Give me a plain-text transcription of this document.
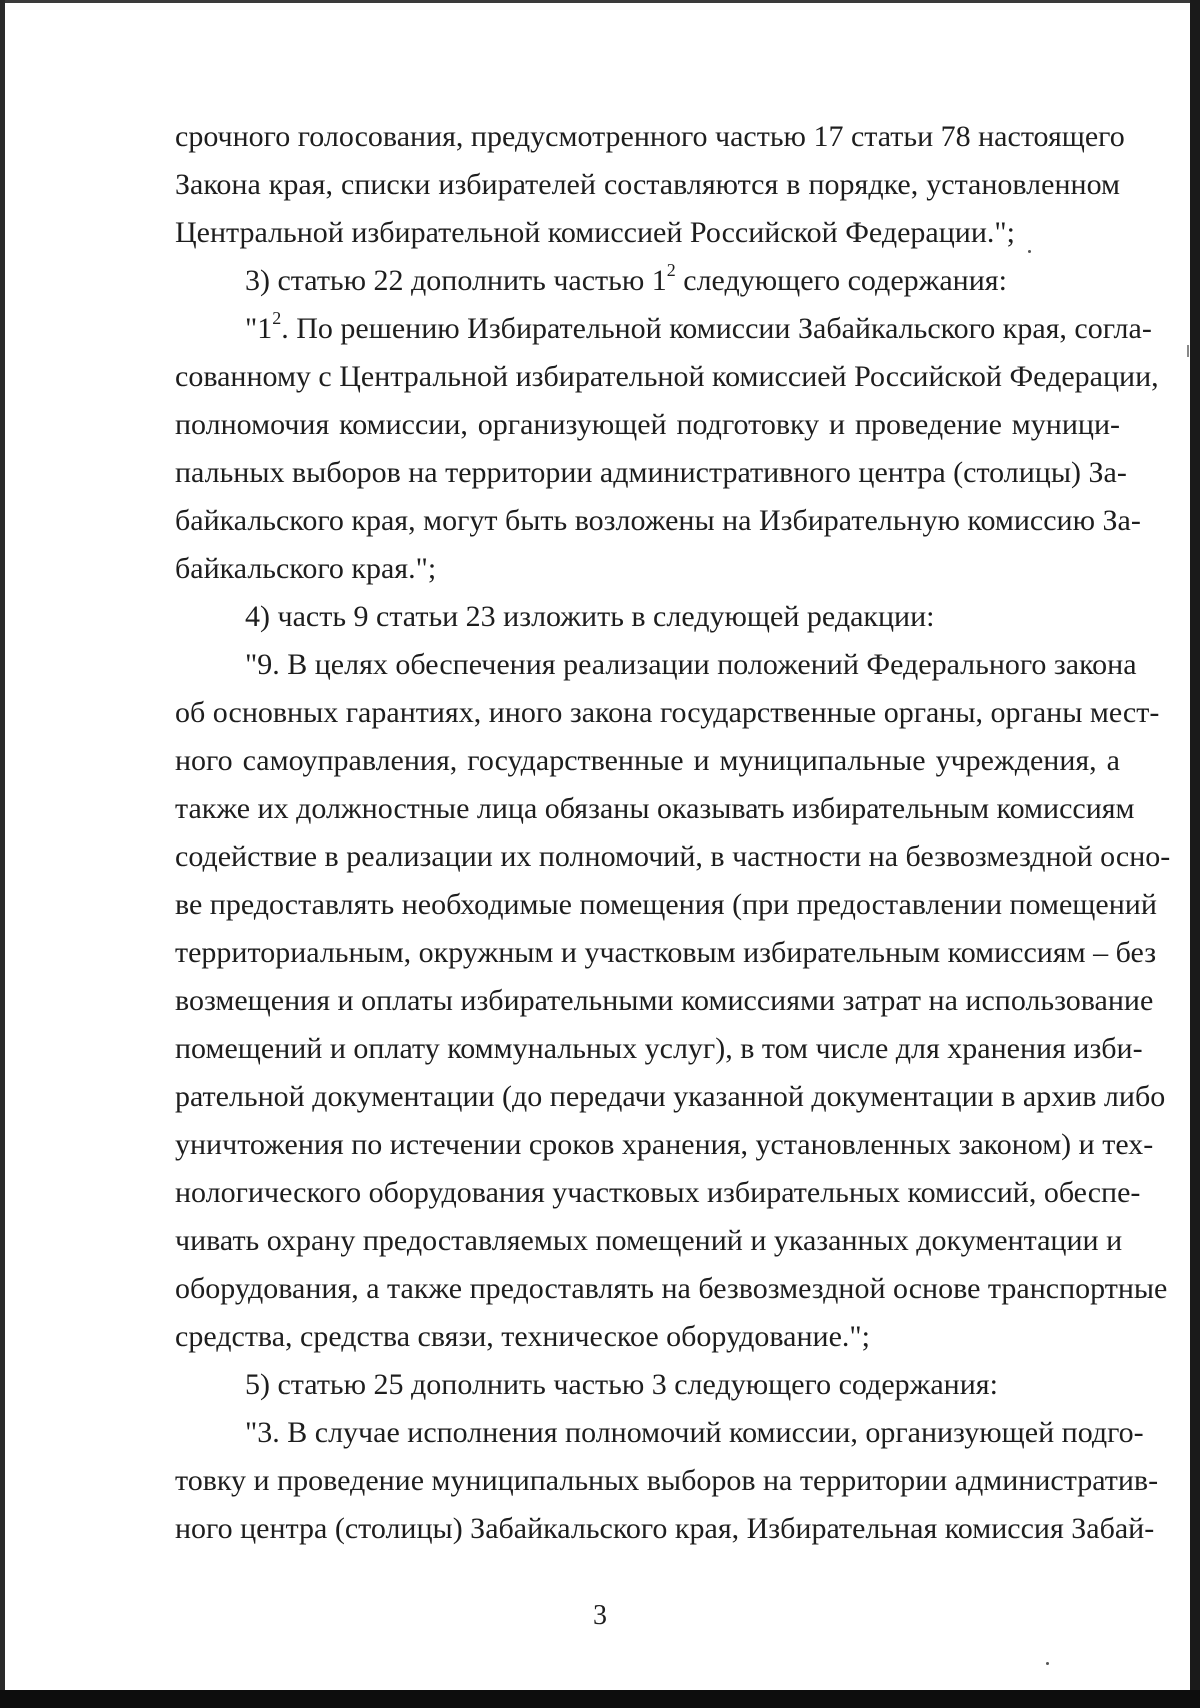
срочного голосования, предусмотренного частью 17 статьи 78 настоящего
Закона края, списки избирателей составляются в порядке, установленном
Центральной избирательной комиссией Российской Федерации.";
3) статью 22 дополнить частью $1^2$ следующего содержания:
"$1^2$. По решению Избирательной комиссии Забайкальского края, согла-
сованному с Центральной избирательной комиссией Российской Федерации,
полномочия комиссии, организующей подготовку и проведение муници-
пальных выборов на территории административного центра (столицы) За-
байкальского края, могут быть возложены на Избирательную комиссию За-
байкальского края.";
4) часть 9 статьи 23 изложить в следующей редакции:
"9. В целях обеспечения реализации положений Федерального закона
об основных гарантиях, иного закона государственные органы, органы мест-
ного самоуправления, государственные и муниципальные учреждения, а
также их должностные лица обязаны оказывать избирательным комиссиям
содействие в реализации их полномочий, в частности на безвозмездной осно-
ве предоставлять необходимые помещения (при предоставлении помещений
территориальным, окружным и участковым избирательным комиссиям – без
возмещения и оплаты избирательными комиссиями затрат на использование
помещений и оплату коммунальных услуг), в том числе для хранения изби-
рательной документации (до передачи указанной документации в архив либо
уничтожения по истечении сроков хранения, установленных законом) и тех-
нологического оборудования участковых избирательных комиссий, обеспе-
чивать охрану предоставляемых помещений и указанных документации и
оборудования, а также предоставлять на безвозмездной основе транспортные
средства, средства связи, техническое оборудование.";
5) статью 25 дополнить частью 3 следующего содержания:
"3. В случае исполнения полномочий комиссии, организующей подго-
товку и проведение муниципальных выборов на территории административ-
ного центра (столицы) Забайкальского края, Избирательная комиссия Забай-
3
